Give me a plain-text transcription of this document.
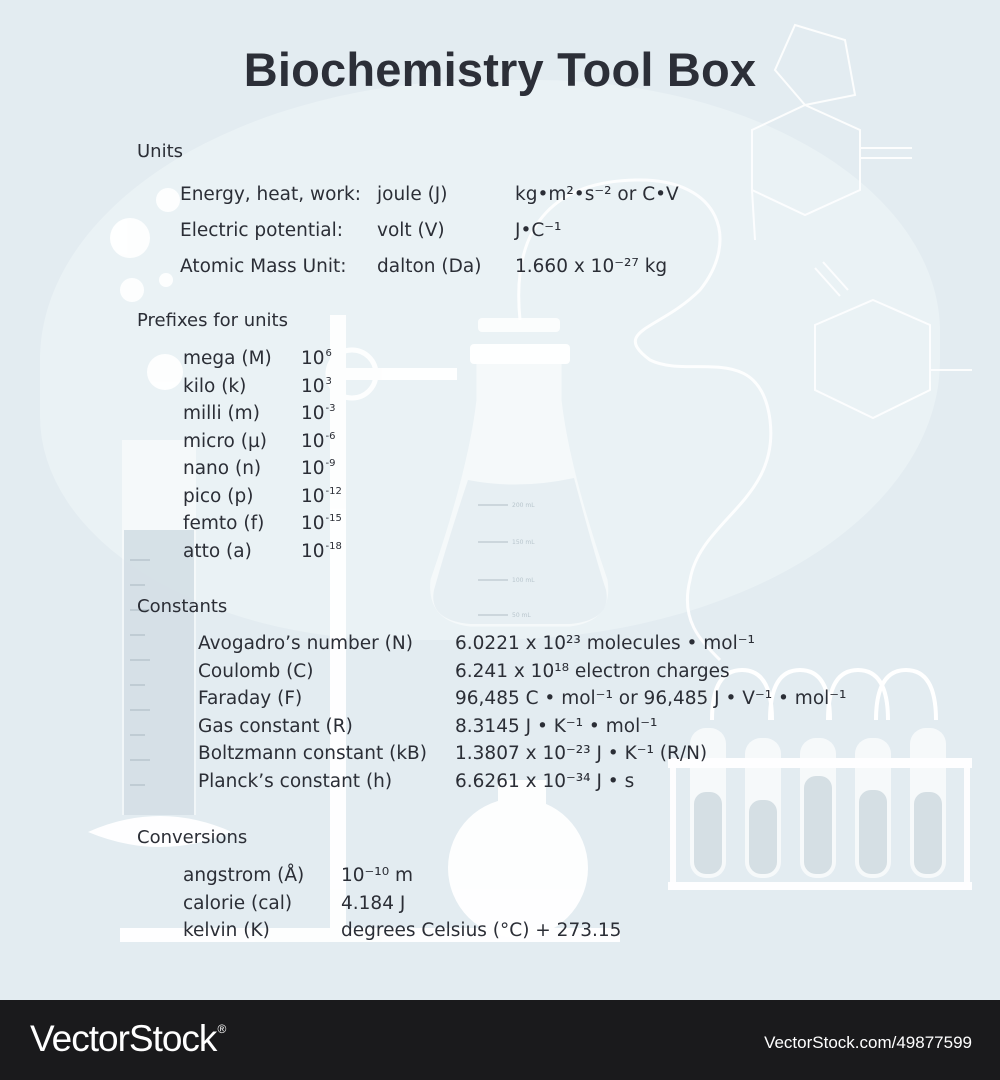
200 mL
150 mL
100 mL
50 mL
Biochemistry Tool Box
Units
Energy, heat, work: joule (J)	kg•m²•s⁻² or C•V
Electric potential: volt (V)	J•C⁻¹
Atomic Mass Unit: dalton (Da) 1.660 x 10⁻²⁷ kg
Prefixes for units
mega (M) $10^6$
kilo (k)	$10^3$
milli (m) $10^{-3}$
micro (µ) $10^{-6}$
nano (n) $10^{-9}$
pico (p)	$10^{-12}$
femto (f) $10^{-15}$
atto (a)	$10^{-18}$
Constants
Avogadro’s number (N) 6.0221 x 10²³ molecules • mol⁻¹
Coulomb (C)	6.241 x 10¹⁸ electron charges
Faraday (F)	96,485 C • mol⁻¹ or 96,485 J • V⁻¹ • mol⁻¹
Gas constant (R)	8.3145 J • K⁻¹ • mol⁻¹
Boltzmann constant (kB) 1.3807 x 10⁻²³ J • K⁻¹ (R/N)
Planck’s constant (h)	6.6261 x 10⁻³⁴ J • s
Conversions
angstrom (Å) 10⁻¹⁰ m
calorie (cal)	4.184 J
kelvin (K)	degrees Celsius (°C) + 273.15
VectorStock®
VectorStock.com/49877599
